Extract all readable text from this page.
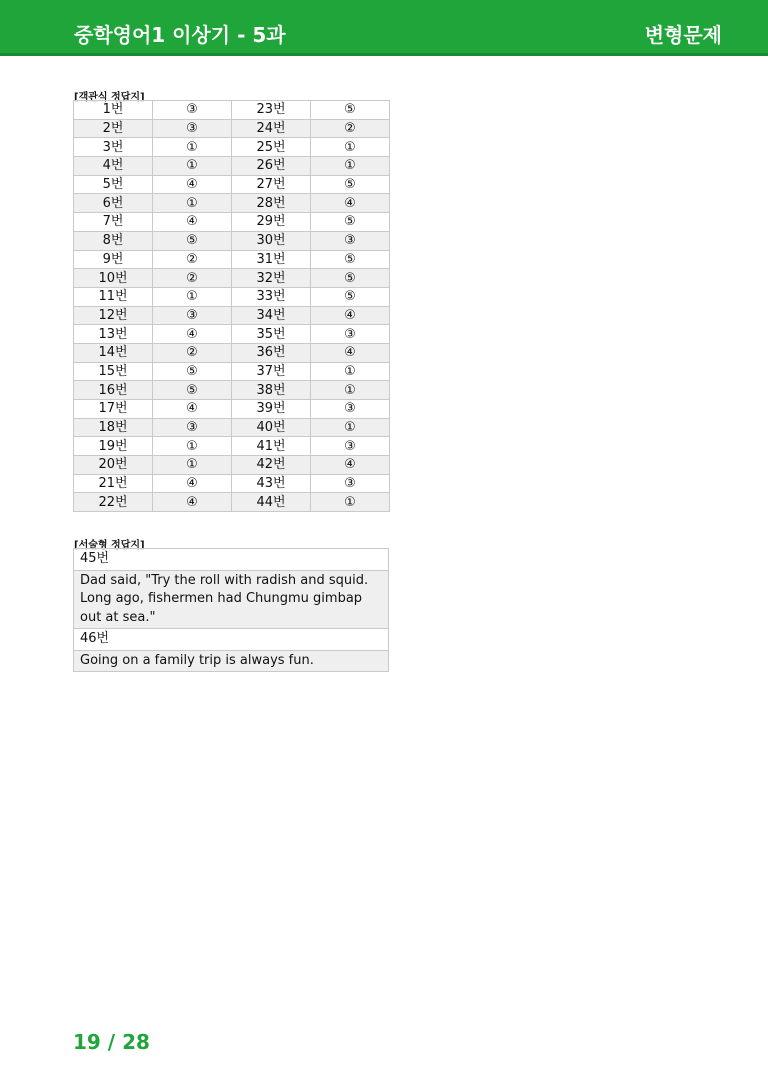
중학영어1 이상기 - 5과	변형문제
[객관식 정답지]
1번	③	23번	⑤
2번	③	24번	②
3번	①	25번	①
4번	①	26번	①
5번	④	27번	⑤
6번	①	28번	④
7번	④	29번	⑤
8번	⑤	30번	③
9번	②	31번	⑤
10번	②	32번	⑤
11번	①	33번	⑤
12번	③	34번	④
13번	④	35번	③
14번	②	36번	④
15번	⑤	37번	①
16번	⑤	38번	①
17번	④	39번	③
18번	③	40번	①
19번	①	41번	③
20번	①	42번	④
21번	④	43번	③
22번	④	44번	①
[서술형 정답지]
45번
Dad said, "Try the roll with radish and squid. Long ago, fishermen had Chungmu gimbap out at sea."
46번
Going on a family trip is always fun.
19 / 28
